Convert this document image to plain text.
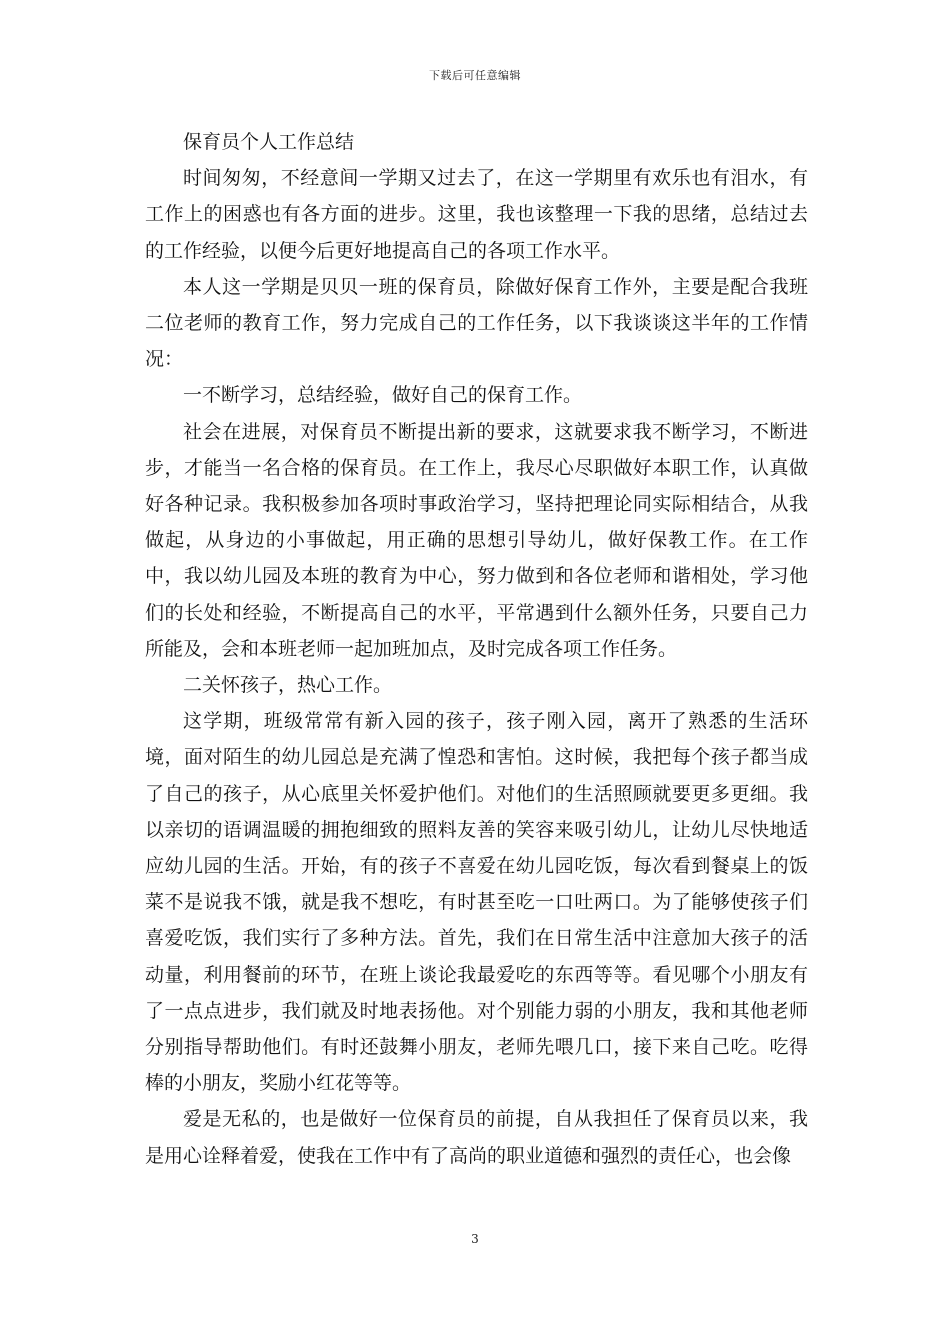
下载后可任意编辑

保育员个人工作总结

时间匆匆，不经意间一学期又过去了，在这一学期里有欢乐也有泪水，有工作上的困惑也有各方面的进步。这里，我也该整理一下我的思绪，总结过去的工作经验，以便今后更好地提高自己的各项工作水平。

本人这一学期是贝贝一班的保育员，除做好保育工作外，主要是配合我班二位老师的教育工作，努力完成自己的工作任务，以下我谈谈这半年的工作情况：

一不断学习，总结经验，做好自己的保育工作。

社会在进展，对保育员不断提出新的要求，这就要求我不断学习，不断进步，才能当一名合格的保育员。在工作上，我尽心尽职做好本职工作，认真做好各种记录。我积极参加各项时事政治学习，坚持把理论同实际相结合，从我做起，从身边的小事做起，用正确的思想引导幼儿，做好保教工作。在工作中，我以幼儿园及本班的教育为中心，努力做到和各位老师和谐相处，学习他们的长处和经验，不断提高自己的水平，平常遇到什么额外任务，只要自己力所能及，会和本班老师一起加班加点，及时完成各项工作任务。

二关怀孩子，热心工作。

这学期，班级常常有新入园的孩子，孩子刚入园，离开了熟悉的生活环境，面对陌生的幼儿园总是充满了惶恐和害怕。这时候，我把每个孩子都当成了自己的孩子，从心底里关怀爱护他们。对他们的生活照顾就要更多更细。我以亲切的语调温暖的拥抱细致的照料友善的笑容来吸引幼儿，让幼儿尽快地适应幼儿园的生活。开始，有的孩子不喜爱在幼儿园吃饭，每次看到餐桌上的饭菜不是说我不饿，就是我不想吃，有时甚至吃一口吐两口。为了能够使孩子们喜爱吃饭，我们实行了多种方法。首先，我们在日常生活中注意加大孩子的活动量，利用餐前的环节，在班上谈论我最爱吃的东西等等。看见哪个小朋友有了一点点进步，我们就及时地表扬他。对个别能力弱的小朋友，我和其他老师分别指导帮助他们。有时还鼓舞小朋友，老师先喂几口，接下来自己吃。吃得棒的小朋友，奖励小红花等等。

爱是无私的，也是做好一位保育员的前提，自从我担任了保育员以来，我是用心诠释着爱，使我在工作中有了高尚的职业道德和强烈的责任心，也会像

3
